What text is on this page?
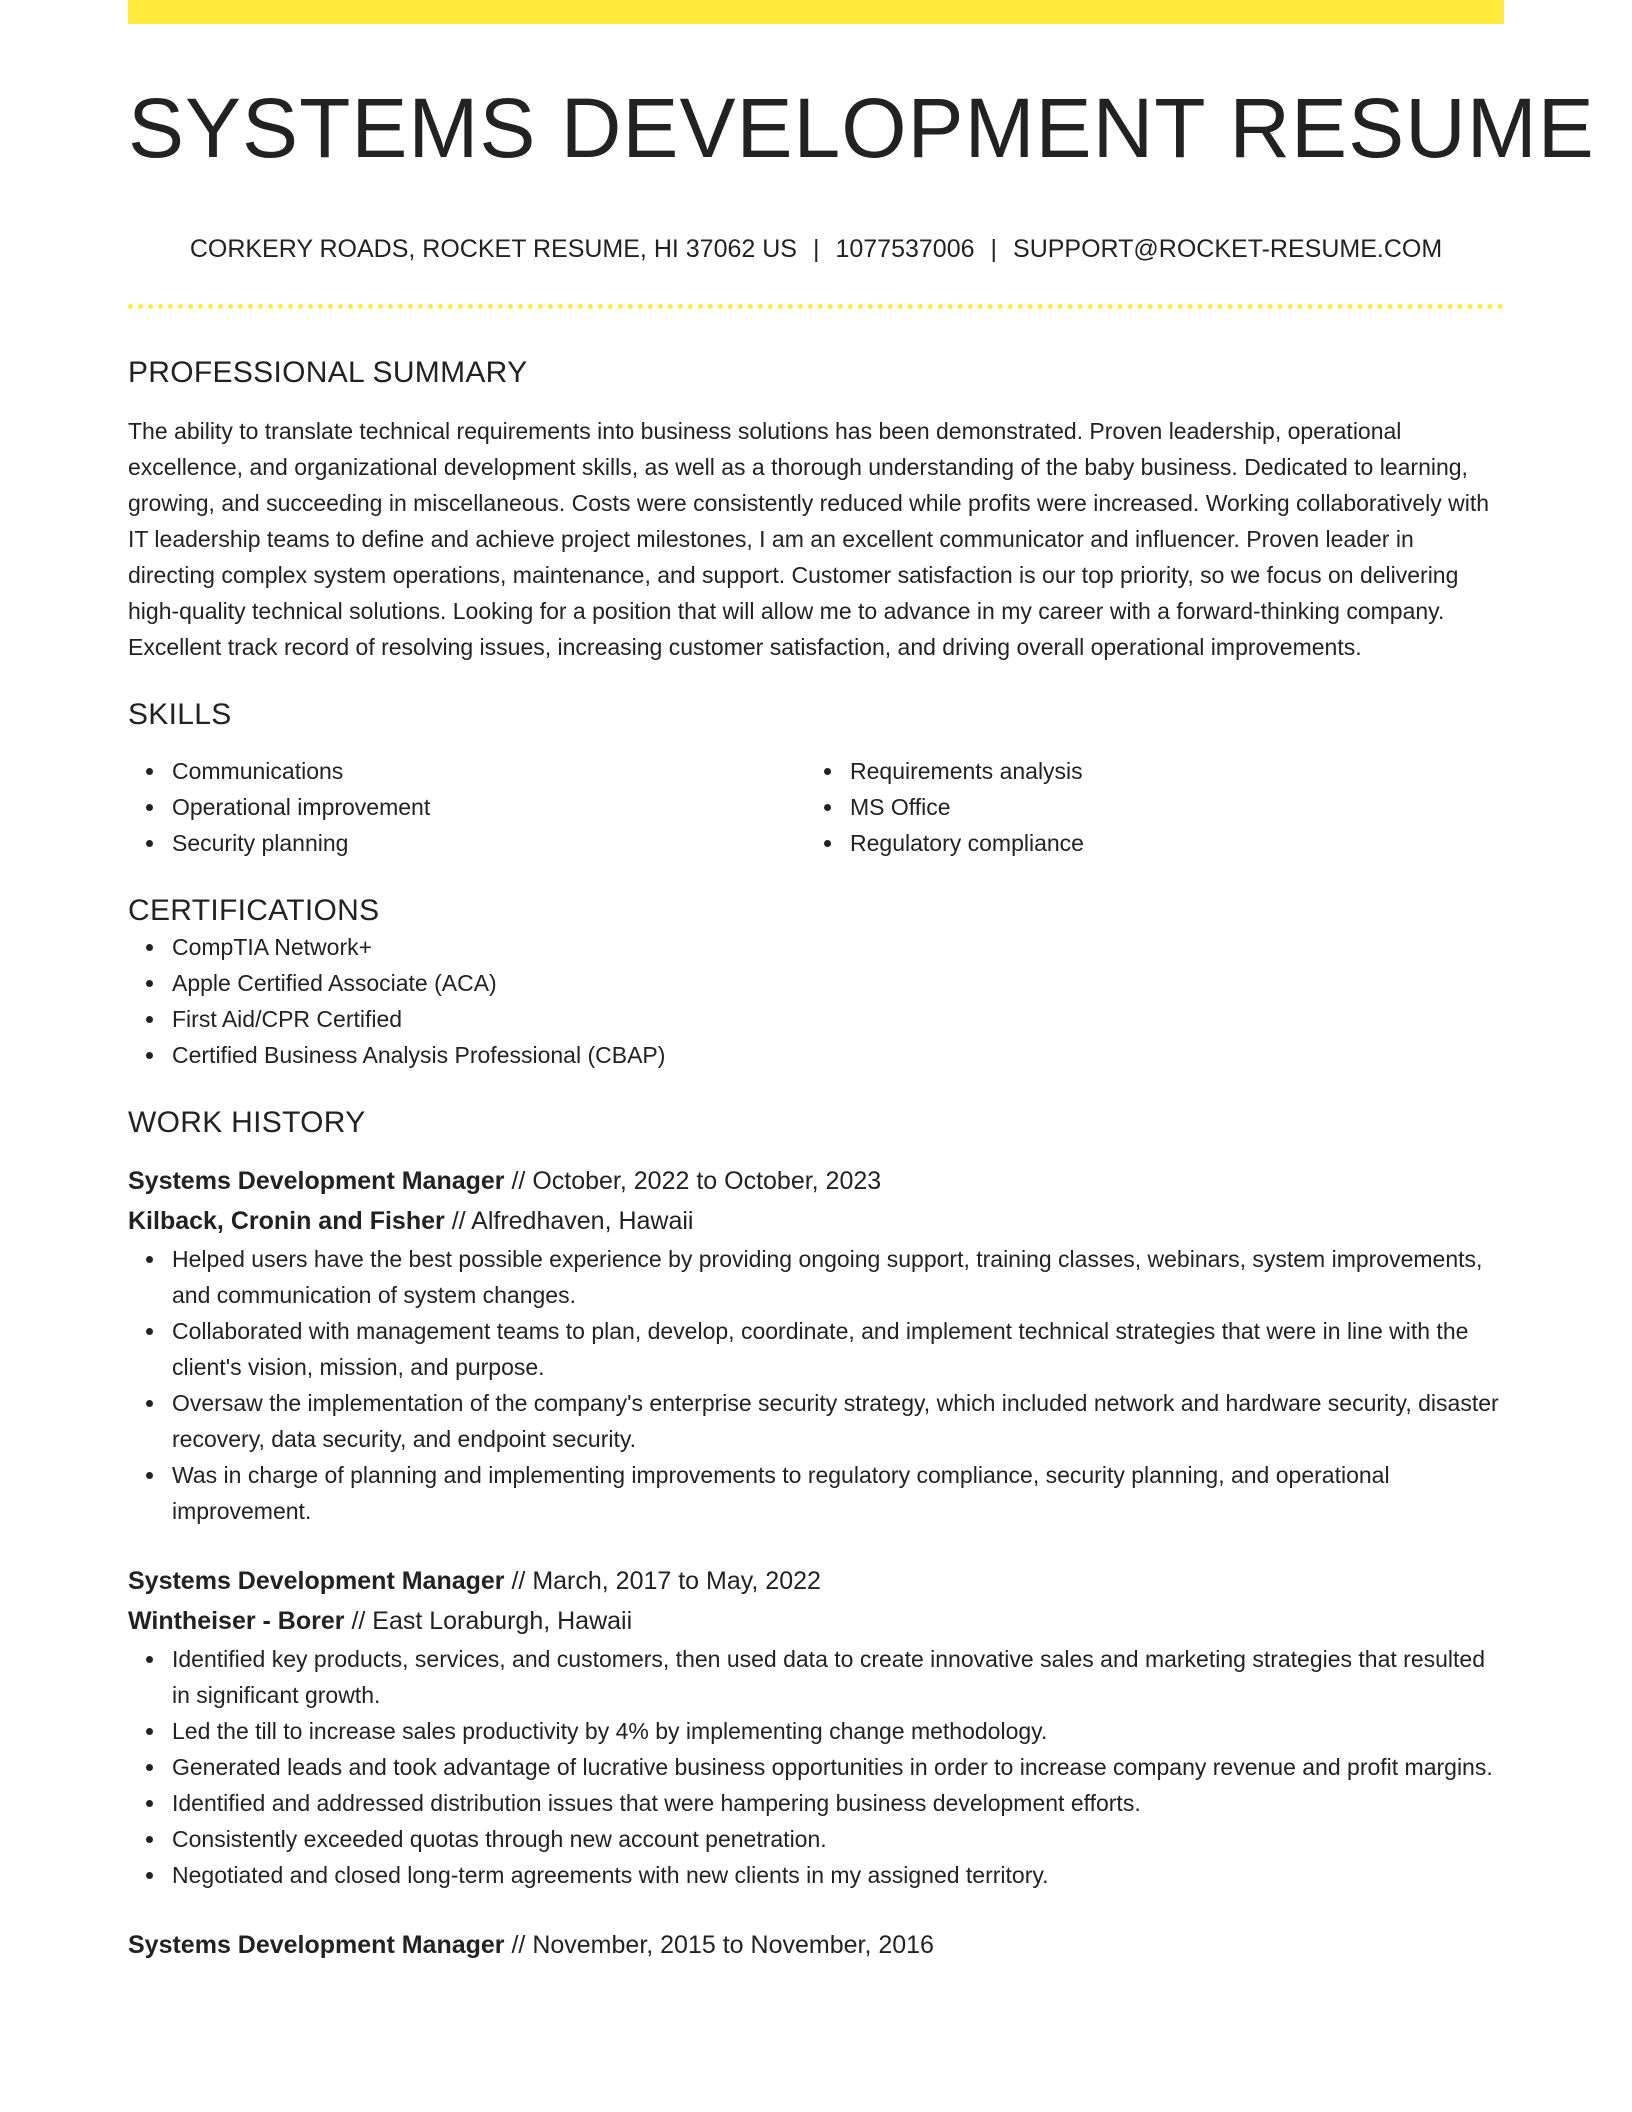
SYSTEMS DEVELOPMENT RESUME
CORKERY ROADS, ROCKET RESUME, HI 37062 US | 1077537006 | SUPPORT@ROCKET-RESUME.COM
PROFESSIONAL SUMMARY
The ability to translate technical requirements into business solutions has been demonstrated. Proven leadership, operational excellence, and organizational development skills, as well as a thorough understanding of the baby business. Dedicated to learning, growing, and succeeding in miscellaneous. Costs were consistently reduced while profits were increased. Working collaboratively with IT leadership teams to define and achieve project milestones, I am an excellent communicator and influencer. Proven leader in directing complex system operations, maintenance, and support. Customer satisfaction is our top priority, so we focus on delivering high-quality technical solutions. Looking for a position that will allow me to advance in my career with a forward-thinking company. Excellent track record of resolving issues, increasing customer satisfaction, and driving overall operational improvements.
SKILLS
Communications
Operational improvement
Security planning
Requirements analysis
MS Office
Regulatory compliance
CERTIFICATIONS
CompTIA Network+
Apple Certified Associate (ACA)
First Aid/CPR Certified
Certified Business Analysis Professional (CBAP)
WORK HISTORY
Systems Development Manager // October, 2022 to October, 2023
Kilback, Cronin and Fisher // Alfredhaven, Hawaii
Helped users have the best possible experience by providing ongoing support, training classes, webinars, system improvements, and communication of system changes.
Collaborated with management teams to plan, develop, coordinate, and implement technical strategies that were in line with the client's vision, mission, and purpose.
Oversaw the implementation of the company's enterprise security strategy, which included network and hardware security, disaster recovery, data security, and endpoint security.
Was in charge of planning and implementing improvements to regulatory compliance, security planning, and operational improvement.
Systems Development Manager // March, 2017 to May, 2022
Wintheiser - Borer // East Loraburgh, Hawaii
Identified key products, services, and customers, then used data to create innovative sales and marketing strategies that resulted in significant growth.
Led the till to increase sales productivity by 4% by implementing change methodology.
Generated leads and took advantage of lucrative business opportunities in order to increase company revenue and profit margins.
Identified and addressed distribution issues that were hampering business development efforts.
Consistently exceeded quotas through new account penetration.
Negotiated and closed long-term agreements with new clients in my assigned territory.
Systems Development Manager // November, 2015 to November, 2016
